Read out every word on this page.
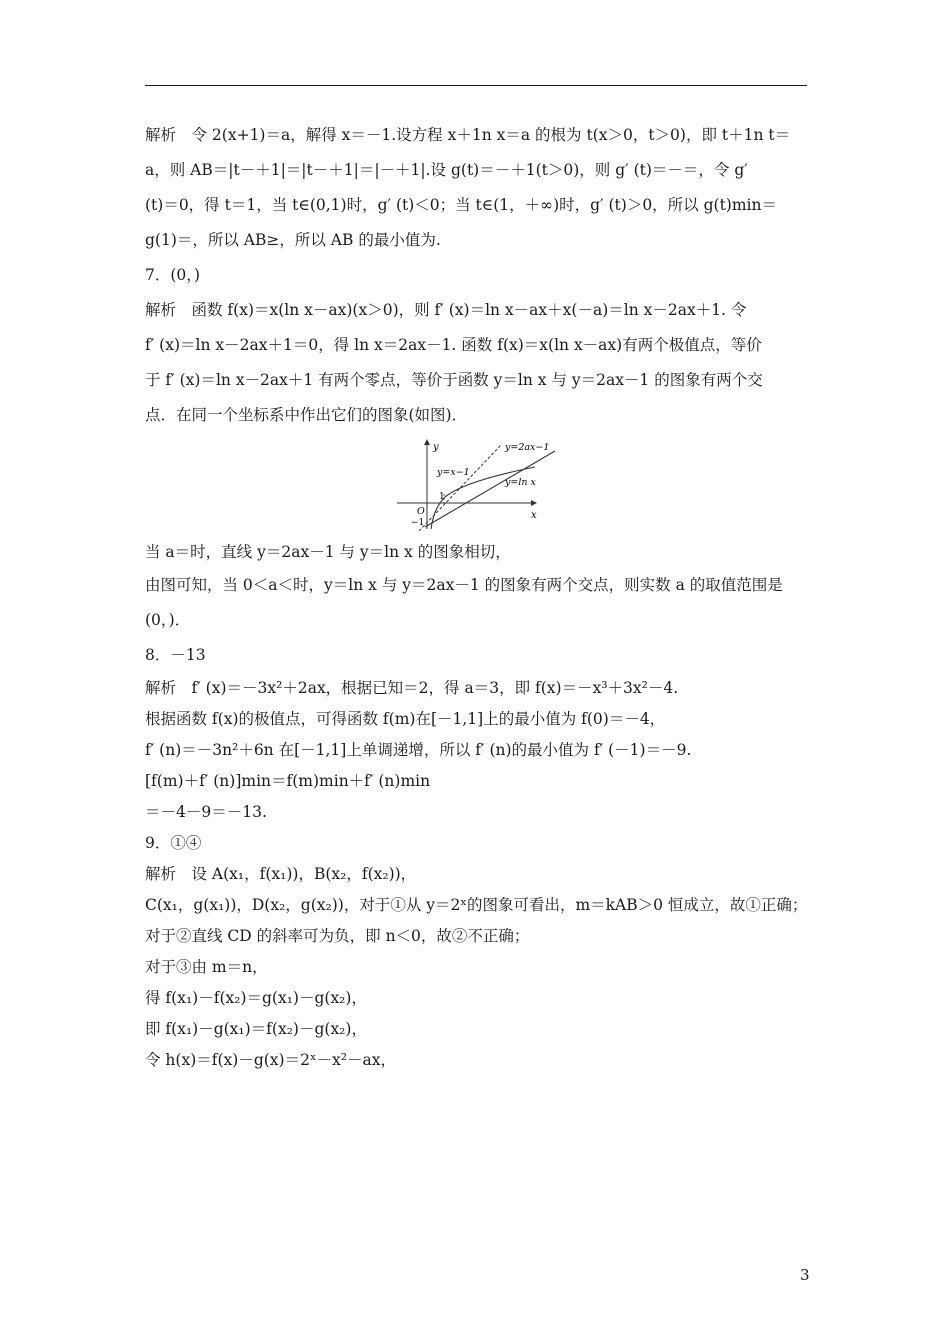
解析　令 2(x+1)＝a，解得 x＝－1.设方程 x＋1n x＝a 的根为 t(x＞0，t＞0)，即 t＋1n t＝
a，则 AB＝|t－＋1|＝|t－＋1|＝|－＋1|.设 g(t)＝－＋1(t＞0)，则 g′ (t)＝－＝，令 g′
(t)＝0，得 t＝1，当 t∈(0,1)时，g′ (t)＜0；当 t∈(1，＋∞)时，g′ (t)＞0，所以 g(t)min＝
g(1)＝，所以 AB≥，所以 AB 的最小值为.
7．(0，)
解析　函数 f(x)＝x(ln x－ax)(x＞0)，则 f′ (x)＝ln x－ax＋x(－a)＝ln x－2ax＋1. 令
f′ (x)＝ln x－2ax＋1＝0，得 ln x＝2ax－1. 函数 f(x)＝x(ln x－ax)有两个极值点，等价
于 f′ (x)＝ln x－2ax＋1 有两个零点，等价于函数 y＝ln x 与 y＝2ax－1 的图象有两个交
点．在同一个坐标系中作出它们的图象(如图)．
y
x
y=2ax−1
y=x−1
y=ln x
O
1
−1
当 a＝时，直线 y＝2ax－1 与 y＝ln x 的图象相切，
由图可知，当 0＜a＜时，y＝ln x 与 y＝2ax－1 的图象有两个交点，则实数 a 的取值范围是
(0，)．
8．－13
解析　f′ (x)＝－3x²＋2ax，根据已知＝2，得 a＝3，即 f(x)＝－x³＋3x²－4.
根据函数 f(x)的极值点，可得函数 f(m)在[－1,1]上的最小值为 f(0)＝－4，
f′ (n)＝－3n²＋6n 在[－1,1]上单调递增，所以 f′ (n)的最小值为 f′ (－1)＝－9.
[f(m)＋f′ (n)]min＝f(m)min＋f′ (n)min
＝－4－9＝－13.
9．①④
解析　设 A(x₁，f(x₁))，B(x₂，f(x₂))，
C(x₁，g(x₁))，D(x₂，g(x₂))，对于①从 y＝2ˣ的图象可看出，m＝kAB＞0 恒成立，故①正确；
对于②直线 CD 的斜率可为负，即 n＜0，故②不正确；
对于③由 m＝n，
得 f(x₁)－f(x₂)＝g(x₁)－g(x₂)，
即 f(x₁)－g(x₁)＝f(x₂)－g(x₂)，
令 h(x)＝f(x)－g(x)＝2ˣ－x²－ax，
3
